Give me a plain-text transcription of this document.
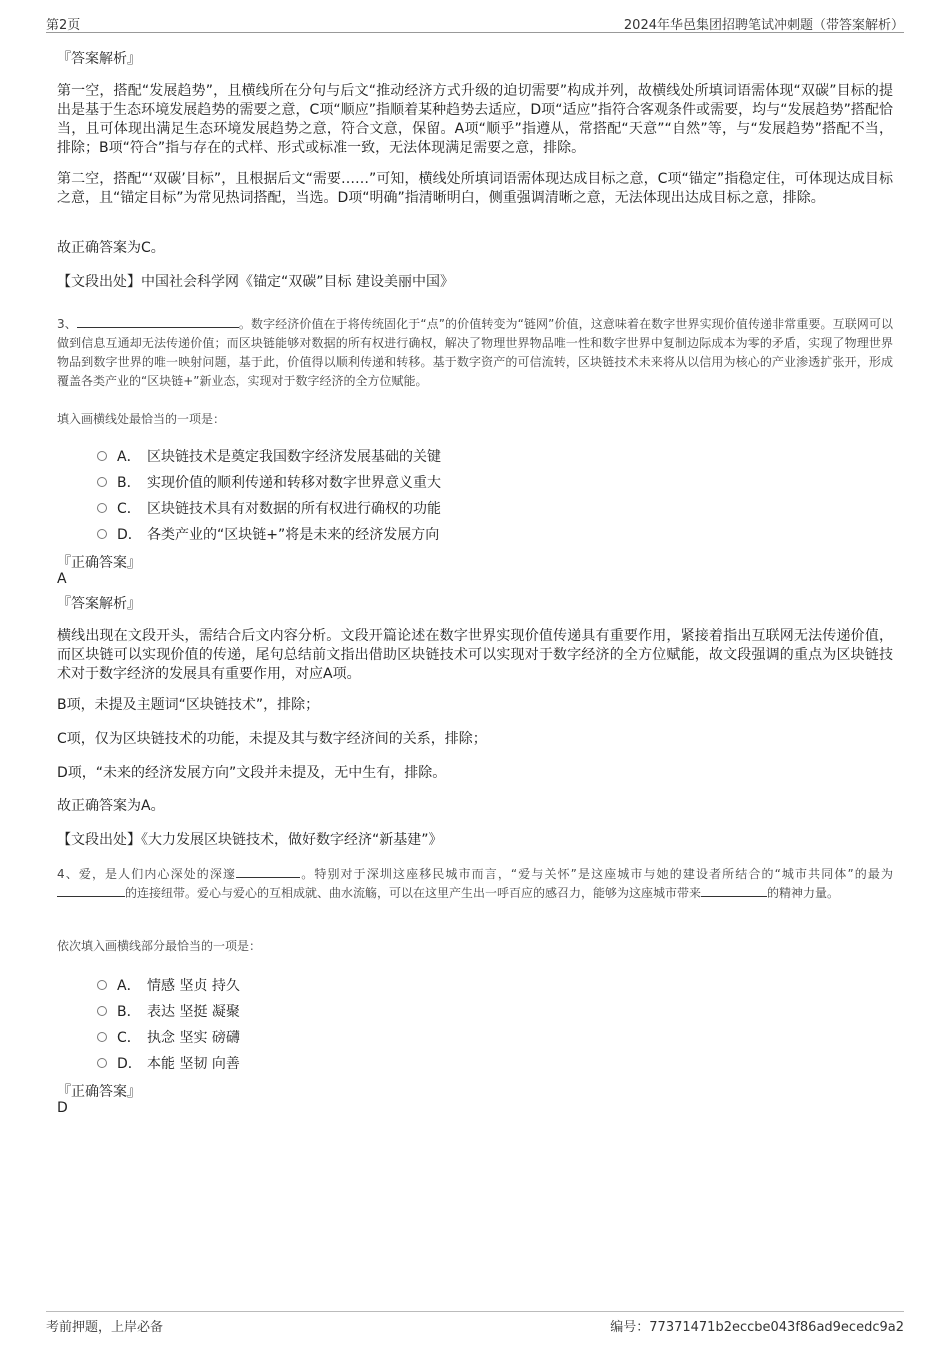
第2页	2024年华邑集团招聘笔试冲刺题（带答案解析）
『答案解析』
第一空，搭配“发展趋势”，且横线所在分句与后文“推动经济方式升级的迫切需要”构成并列，故横线处所填词语需体现“双碳”目标的提出是基于生态环境发展趋势的需要之意，C项“顺应”指顺着某种趋势去适应，D项“适应”指符合客观条件或需要，均与“发展趋势”搭配恰当，且可体现出满足生态环境发展趋势之意，符合文意，保留。A项“顺乎”指遵从，常搭配“天意”“自然”等，与“发展趋势”搭配不当，排除；B项“符合”指与存在的式样、形式或标准一致，无法体现满足需要之意，排除。
第二空，搭配“‘双碳’目标”，且根据后文“需要……”可知，横线处所填词语需体现达成目标之意，C项“锚定”指稳定住，可体现达成目标之意，且“锚定目标”为常见热词搭配，当选。D项“明确”指清晰明白，侧重强调清晰之意，无法体现出达成目标之意，排除。
故正确答案为C。
【文段出处】中国社会科学网《锚定“双碳”目标 建设美丽中国》
3、	。数字经济价值在于将传统固化于“点”的价值转变为“链网”价值，这意味着在数字世界实现价值传递非常重要。互联网可以做到信息互通却无法传递价值；而区块链能够对数据的所有权进行确权，解决了物理世界物品唯一性和数字世界中复制边际成本为零的矛盾，实现了物理世界物品到数字世界的唯一映射问题，基于此，价值得以顺利传递和转移。基于数字资产的可信流转，区块链技术未来将从以信用为核心的产业渗透扩张开，形成覆盖各类产业的“区块链+”新业态，实现对于数字经济的全方位赋能。
填入画横线处最恰当的一项是：
A． 区块链技术是奠定我国数字经济发展基础的关键
B． 实现价值的顺利传递和转移对数字世界意义重大
C． 区块链技术具有对数据的所有权进行确权的功能
D． 各类产业的“区块链+”将是未来的经济发展方向
『正确答案』
A
『答案解析』
横线出现在文段开头，需结合后文内容分析。文段开篇论述在数字世界实现价值传递具有重要作用，紧接着指出互联网无法传递价值，而区块链可以实现价值的传递，尾句总结前文指出借助区块链技术可以实现对于数字经济的全方位赋能，故文段强调的重点为区块链技术对于数字经济的发展具有重要作用，对应A项。
B项，未提及主题词“区块链技术”，排除；
C项，仅为区块链技术的功能，未提及其与数字经济间的关系，排除；
D项，“未来的经济发展方向”文段并未提及，无中生有，排除。
故正确答案为A。
【文段出处】《大力发展区块链技术，做好数字经济“新基建”》
4、爱，是人们内心深处的深邃	。特别对于深圳这座移民城市而言，“爱与关怀”是这座城市与她的建设者所结合的“城市共同体”的最为的连接纽带。爱心与爱心的互相成就、曲水流觞，可以在这里产生出一呼百应的感召力，能够为这座城市带来	的精神力量。
依次填入画横线部分最恰当的一项是：
A． 情感 坚贞 持久
B． 表达 坚挺 凝聚
C． 执念 坚实 磅礴
D． 本能 坚韧 向善
『正确答案』
D
考前押题，上岸必备	编号：77371471b2eccbe043f86ad9ecedc9a2
